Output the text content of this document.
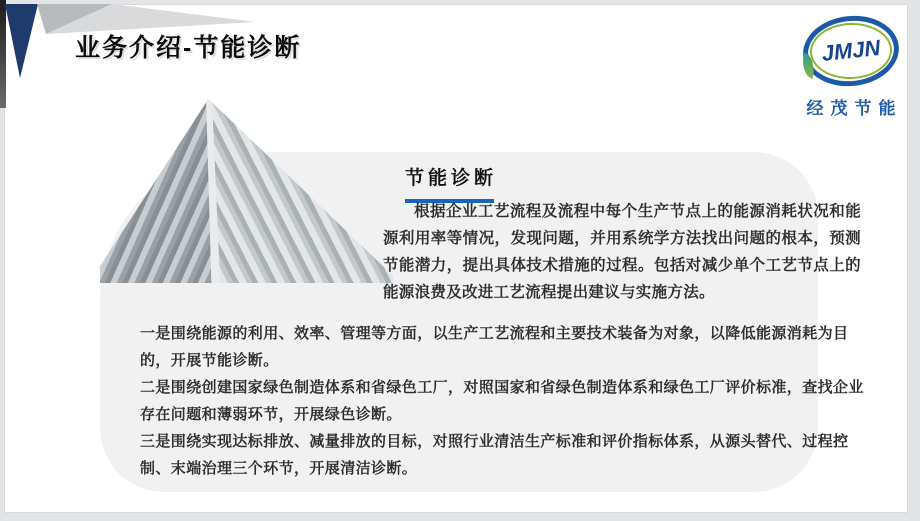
业务介绍-节能诊断	JMJN
经茂节能
节能诊断

根据企业工艺流程及流程中每个生产节点上的能源消耗状况和能源利用率等情况，发现问题，并用系统学方法找出问题的根本，预测节能潜力，提出具体技术措施的过程。包括对减少单个工艺节点上的能源浪费及改进工艺流程提出建议与实施方法。

一是围绕能源的利用、效率、管理等方面，以生产工艺流程和主要技术装备为对象，以降低能源消耗为目的，开展节能诊断。

二是围绕创建国家绿色制造体系和省绿色工厂，对照国家和省绿色制造体系和绿色工厂评价标准，查找企业存在问题和薄弱环节，开展绿色诊断。

三是围绕实现达标排放、减量排放的目标，对照行业清洁生产标准和评价指标体系，从源头替代、过程控制、末端治理三个环节，开展清洁诊断。
